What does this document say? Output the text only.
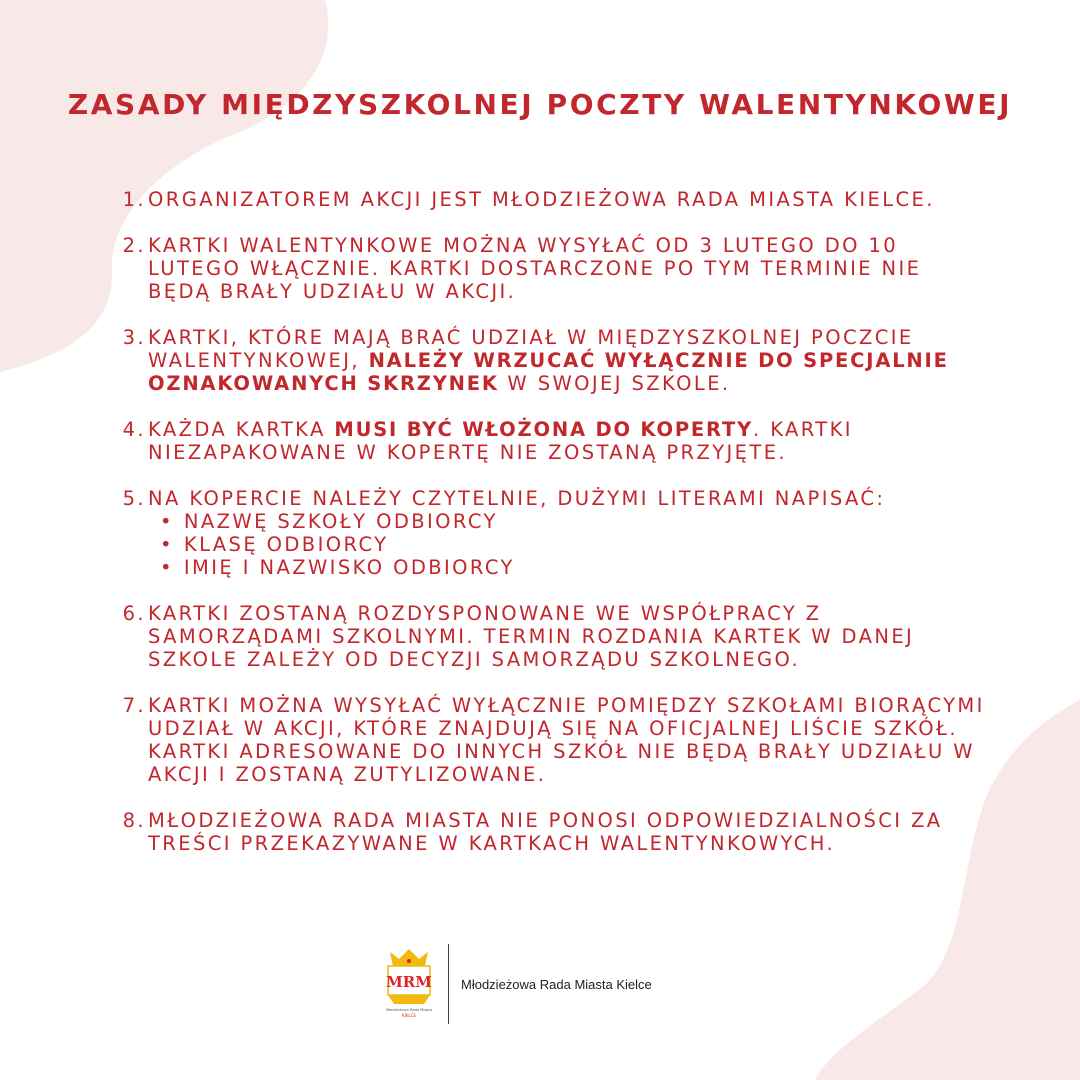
ZASADY MIĘDZYSZKOLNEJ POCZTY WALENTYNKOWEJ
1. ORGANIZATOREM AKCJI JEST MŁODZIEŻOWA RADA MIASTA KIELCE.
2. KARTKI WALENTYNKOWE MOŻNA WYSYŁAĆ OD 3 LUTEGO DO 10 LUTEGO WŁĄCZNIE. KARTKI DOSTARCZONE PO TYM TERMINIE NIE BĘDĄ BRAŁY UDZIAŁU W AKCJI.
3. KARTKI, KTÓRE MAJĄ BRAĆ UDZIAŁ W MIĘDZYSZKOLNEJ POCZCIE WALENTYNKOWEJ, NALEŻY WRZUCAĆ WYŁĄCZNIE DO SPECJALNIE OZNAKOWANYCH SKRZYNEK W SWOJEJ SZKOLE.
4. KAŻDA KARTKA MUSI BYĆ WŁOŻONA DO KOPERTY. KARTKI NIEZAPAKOWANE W KOPERTĘ NIE ZOSTANĄ PRZYJĘTE.
5. NA KOPERCIE NALEŻY CZYTELNIE, DUŻYMI LITERAMI NAPISAĆ:
• NAZWĘ SZKOŁY ODBIORCY
• KLASĘ ODBIORCY
• IMIĘ I NAZWISKO ODBIORCY
6. KARTKI ZOSTANĄ ROZDYSPONOWANE WE WSPÓŁPRACY Z SAMORZĄDAMI SZKOLNYMI. TERMIN ROZDANIA KARTEK W DANEJ SZKOLE ZALEŻY OD DECYZJI SAMORZĄDU SZKOLNEGO.
7. KARTKI MOŻNA WYSYŁAĆ WYŁĄCZNIE POMIĘDZY SZKOŁAMI BIORĄCYMI UDZIAŁ W AKCJI, KTÓRE ZNAJDUJĄ SIĘ NA OFICJALNEJ LIŚCIE SZKÓŁ. KARTKI ADRESOWANE DO INNYCH SZKÓŁ NIE BĘDĄ BRAŁY UDZIAŁU W AKCJI I ZOSTANĄ ZUTYLIZOWANE.
8. MŁODZIEŻOWA RADA MIASTA NIE PONOSI ODPOWIEDZIALNOŚCI ZA TREŚCI PRZEKAZYWANE W KARTKACH WALENTYNKOWYCH.
MRM
Młodzieżowa Rada Miasta
KIELCE
Młodzieżowa Rada Miasta Kielce
